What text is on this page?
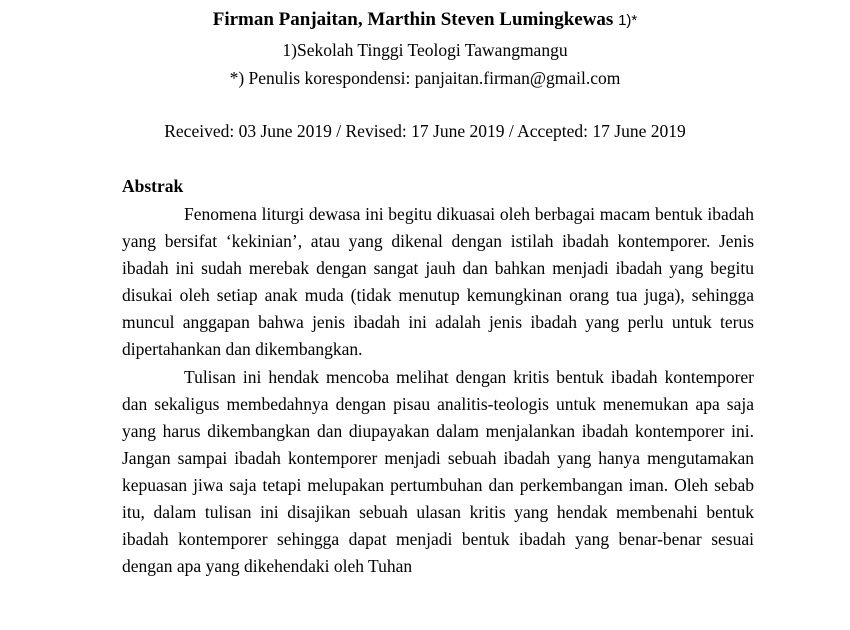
Firman Panjaitan, Marthin Steven Lumingkewas 1)*
1)Sekolah Tinggi Teologi Tawangmangu
*) Penulis korespondensi: panjaitan.firman@gmail.com
Received: 03 June 2019 / Revised: 17 June 2019 / Accepted: 17 June 2019
Abstrak

Fenomena liturgi dewasa ini begitu dikuasai oleh berbagai macam bentuk ibadah yang bersifat ‘kekinian’, atau yang dikenal dengan istilah ibadah kontemporer. Jenis ibadah ini sudah merebak dengan sangat jauh dan bahkan menjadi ibadah yang begitu disukai oleh setiap anak muda (tidak menutup kemungkinan orang tua juga), sehingga muncul anggapan bahwa jenis ibadah ini adalah jenis ibadah yang perlu untuk terus dipertahankan dan dikembangkan.

Tulisan ini hendak mencoba melihat dengan kritis bentuk ibadah kontemporer dan sekaligus membedahnya dengan pisau analitis-teologis untuk menemukan apa saja yang harus dikembangkan dan diupayakan dalam menjalankan ibadah kontemporer ini. Jangan sampai ibadah kontemporer menjadi sebuah ibadah yang hanya mengutamakan kepuasan jiwa saja tetapi melupakan pertumbuhan dan perkembangan iman. Oleh sebab itu, dalam tulisan ini disajikan sebuah ulasan kritis yang hendak membenahi bentuk ibadah kontemporer sehingga dapat menjadi bentuk ibadah yang benar-benar sesuai dengan apa yang dikehendaki oleh Tuhan
